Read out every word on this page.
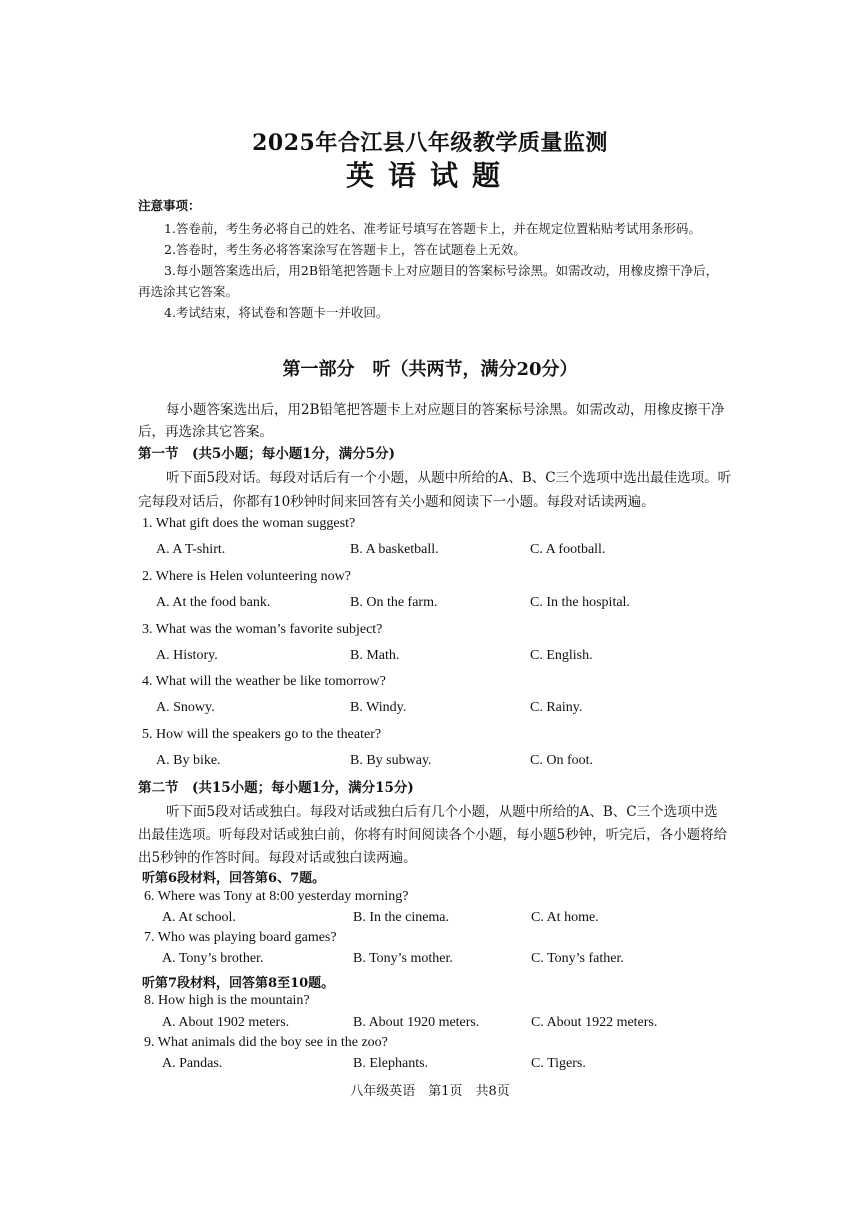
2025年合江县八年级教学质量监测
英语试题
注意事项：
1.答卷前，考生务必将自己的姓名、准考证号填写在答题卡上，并在规定位置粘贴考试用条形码。
2.答卷时，考生务必将答案涂写在答题卡上，答在试题卷上无效。
3.每小题答案选出后，用2B铅笔把答题卡上对应题目的答案标号涂黑。如需改动，用橡皮擦干净后，
再选涂其它答案。
4.考试结束，将试卷和答题卡一并收回。
第一部分　听（共两节，满分20分）
每小题答案选出后，用2B铅笔把答题卡上对应题目的答案标号涂黑。如需改动，用橡皮擦干净
后，再选涂其它答案。
第一节　(共5小题；每小题1分，满分5分)
听下面5段对话。每段对话后有一个小题，从题中所给的A、B、C三个选项中选出最佳选项。听
完每段对话后，你都有10秒钟时间来回答有关小题和阅读下一小题。每段对话读两遍。
1. What gift does the woman suggest?
A. A T-shirt.	B. A basketball.	C. A football.
2. Where is Helen volunteering now?
A. At the food bank.	B. On the farm.	C. In the hospital.
3. What was the woman’s favorite subject?
A. History.	B. Math.	C. English.
4. What will the weather be like tomorrow?
A. Snowy.	B. Windy.	C. Rainy.
5. How will the speakers go to the theater?
A. By bike.	B. By subway.	C. On foot.
第二节　(共15小题；每小题1分，满分15分)
听下面5段对话或独白。每段对话或独白后有几个小题，从题中所给的A、B、C三个选项中选
出最佳选项。听每段对话或独白前，你将有时间阅读各个小题，每小题5秒钟，听完后，各小题将给
出5秒钟的作答时间。每段对话或独白读两遍。
听第6段材料，回答第6、7题。
6. Where was Tony at 8:00 yesterday morning?
A. At school.	B. In the cinema.	C. At home.
7. Who was playing board games?
A. Tony’s brother.	B. Tony’s mother.	C. Tony’s father.
听第7段材料，回答第8至10题。
8. How high is the mountain?
A. About 1902 meters.	B. About 1920 meters.	C. About 1922 meters.
9. What animals did the boy see in the zoo?
A. Pandas.	B. Elephants.	C. Tigers.
八年级英语　第1页　共8页
